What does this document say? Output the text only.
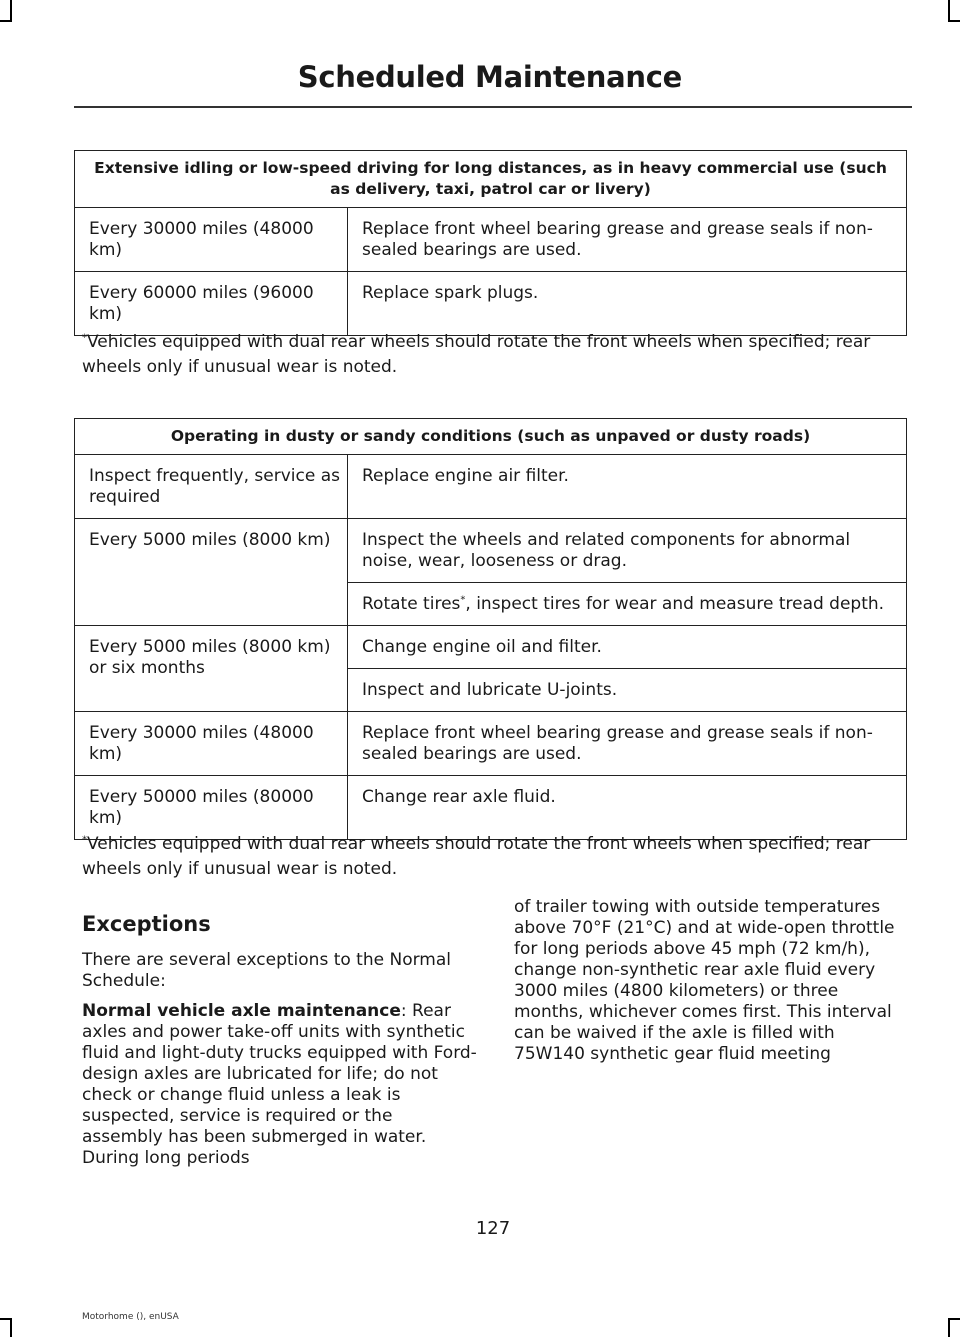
Scheduled Maintenance
Extensive idling or low-speed driving for long distances, as in heavy commercial use (such as delivery, taxi, patrol car or livery)	
Every 30000 miles (48000 km)	Replace front wheel bearing grease and grease seals if non-sealed bearings are used.
Every 60000 miles (96000 km)	Replace spark plugs.
*Vehicles equipped with dual rear wheels should rotate the front wheels when specified; rear wheels only if unusual wear is noted.
Operating in dusty or sandy conditions (such as unpaved or dusty roads)	
Inspect frequently, service as required	Replace engine air filter.
Every 5000 miles (8000 km)	Inspect the wheels and related components for abnormal noise, wear, looseness or drag.
	Rotate tires*, inspect tires for wear and measure tread depth.
Every 5000 miles (8000 km) or six months	Change engine oil and filter.
	Inspect and lubricate U-joints.
Every 30000 miles (48000 km)	Replace front wheel bearing grease and grease seals if non-sealed bearings are used.
Every 50000 miles (80000 km)	Change rear axle fluid.
*Vehicles equipped with dual rear wheels should rotate the front wheels when specified; rear wheels only if unusual wear is noted.
Exceptions

There are several exceptions to the Normal Schedule:

Normal vehicle axle maintenance: Rear axles and power take-off units with synthetic fluid and light-duty trucks equipped with Ford-design axles are lubricated for life; do not check or change fluid unless a leak is suspected, service is required or the assembly has been submerged in water. During long periods

of trailer towing with outside temperatures above 70°F (21°C) and at wide-open throttle for long periods above 45 mph (72 km/h), change non-synthetic rear axle fluid every 3000 miles (4800 kilometers) or three months, whichever comes first. This interval can be waived if the axle is filled with 75W140 synthetic gear fluid meeting

127
Motorhome (), enUSA
